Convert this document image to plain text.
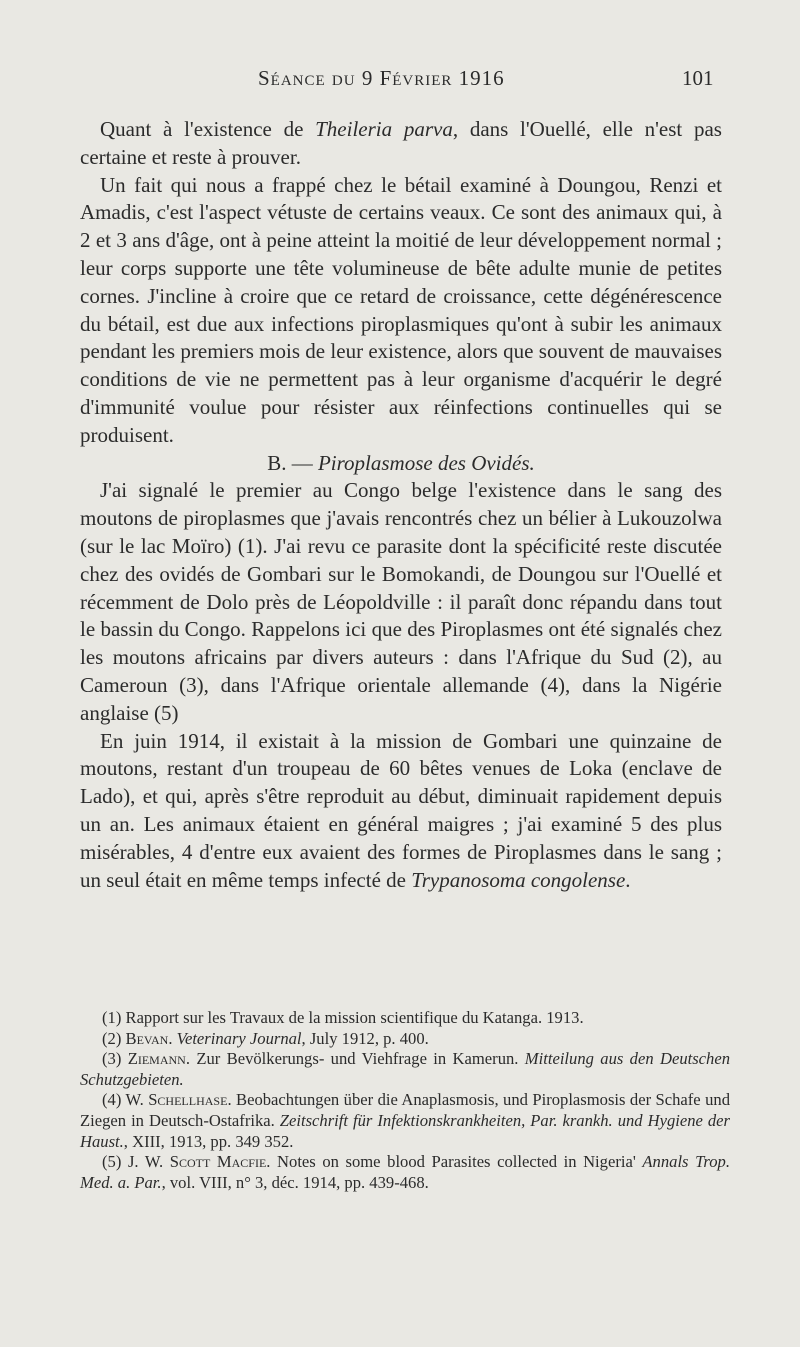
Séance du 9 Février 1916	101

Quant à l'existence de Theileria parva, dans l'Ouellé, elle n'est pas certaine et reste à prouver.

Un fait qui nous a frappé chez le bétail examiné à Doungou, Renzi et Amadis, c'est l'aspect vétuste de certains veaux. Ce sont des animaux qui, à 2 et 3 ans d'âge, ont à peine atteint la moitié de leur développement normal ; leur corps supporte une tête volumineuse de bête adulte munie de petites cornes. J'incline à croire que ce retard de croissance, cette dégénérescence du bétail, est due aux infections piroplasmiques qu'ont à subir les animaux pendant les premiers mois de leur existence, alors que souvent de mauvaises conditions de vie ne permettent pas à leur organisme d'acquérir le degré d'immunité voulue pour résister aux réinfections continuelles qui se produisent.

B. — Piroplasmose des Ovidés.

J'ai signalé le premier au Congo belge l'existence dans le sang des moutons de piroplasmes que j'avais rencontrés chez un bélier à Lukouzolwa (sur le lac Moïro) (1). J'ai revu ce parasite dont la spécificité reste discutée chez des ovidés de Gombari sur le Bomokandi, de Doungou sur l'Ouellé et récemment de Dolo près de Léopoldville : il paraît donc répandu dans tout le bassin du Congo. Rappelons ici que des Piroplasmes ont été signalés chez les moutons africains par divers auteurs : dans l'Afrique du Sud (2), au Cameroun (3), dans l'Afrique orientale allemande (4), dans la Nigérie anglaise (5)

En juin 1914, il existait à la mission de Gombari une quinzaine de moutons, restant d'un troupeau de 60 bêtes venues de Loka (enclave de Lado), et qui, après s'être reproduit au début, diminuait rapidement depuis un an. Les animaux étaient en général maigres ; j'ai examiné 5 des plus misérables, 4 d'entre eux avaient des formes de Piroplasmes dans le sang ; un seul était en même temps infecté de Trypanosoma congolense.

(1) Rapport sur les Travaux de la mission scientifique du Katanga. 1913.

(2) Bevan. Veterinary Journal, July 1912, p. 400.

(3) Ziemann. Zur Bevölkerungs- und Viehfrage in Kamerun. Mitteilung aus den Deutschen Schutzgebieten.

(4) W. Schellhase. Beobachtungen über die Anaplasmosis, und Piroplasmosis der Schafe und Ziegen in Deutsch-Ostafrika. Zeitschrift für Infektionskrankheiten, Par. krankh. und Hygiene der Haust., XIII, 1913, pp. 349 352.

(5) J. W. Scott Macfie. Notes on some blood Parasites collected in Nigeria' Annals Trop. Med. a. Par., vol. VIII, n° 3, déc. 1914, pp. 439-468.
